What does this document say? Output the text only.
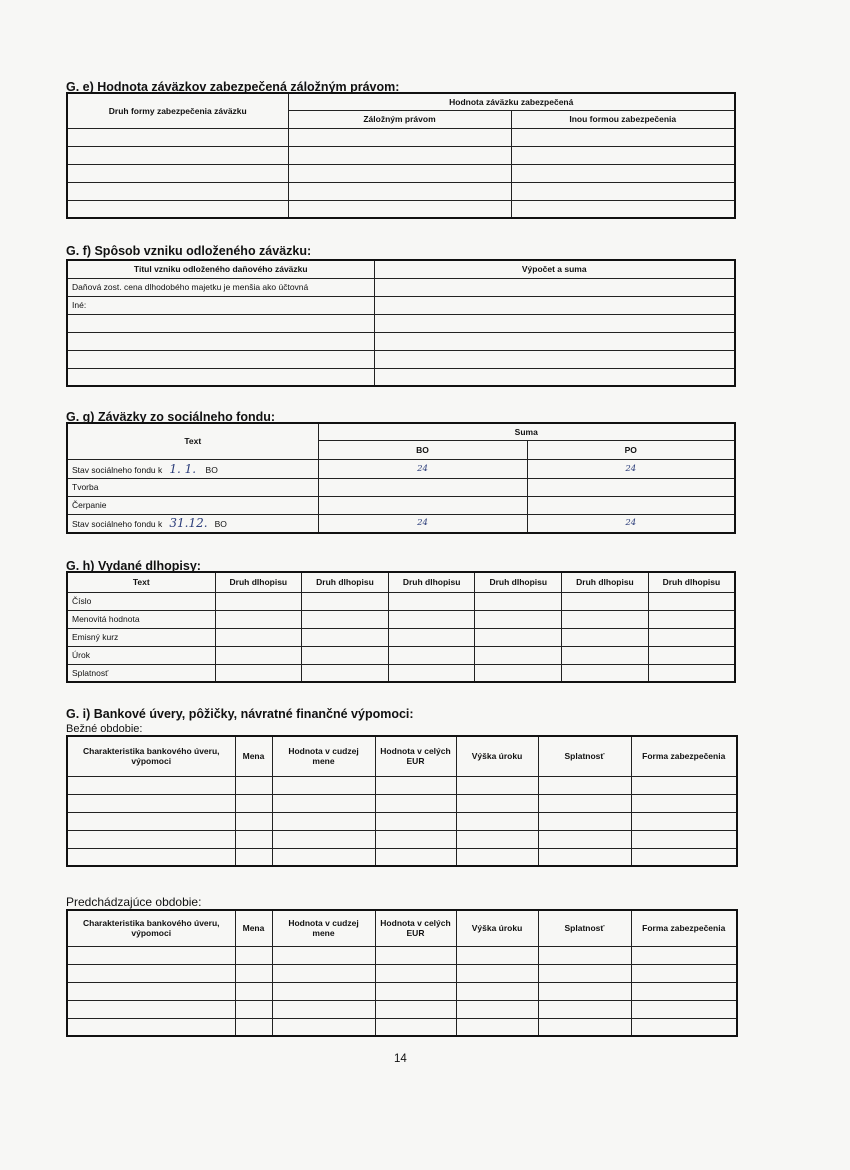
G. e) Hodnota záväzkov zabezpečená záložným právom:
Druh formy zabezpečenia záväzku	Hodnota záväzku zabezpečená	
	Záložným právom	Inou formou zabezpečenia

G. f) Spôsob vzniku odloženého záväzku:
Titul vzniku odloženého daňového záväzku	Výpočet a suma
Daňová zost. cena dlhodobého majetku je menšia ako účtovná	
Iné:	

G. g) Záväzky zo sociálneho fondu:
Text	Suma	
	BO	PO
Stav sociálneho fondu k 1. 1. BO	24	24
Tvorba		
Čerpanie		
Stav sociálneho fondu k 31.12. BO	24	24
G. h) Vydané dlhopisy:
Text	Druh dlhopisu	Druh dlhopisu	Druh dlhopisu	Druh dlhopisu	Druh dlhopisu	Druh dlhopisu
Číslo						
Menovitá hodnota						
Emisný kurz						
Úrok						
Splatnosť						
G. i) Bankové úvery, pôžičky, návratné finančné výpomoci:
Bežné obdobie:
Charakteristika bankového úveru, výpomoci	Mena	Hodnota v cudzej mene	Hodnota v celých EUR	Výška úroku	Splatnosť	Forma zabezpečenia

Predchádzajúce obdobie:
Charakteristika bankového úveru, výpomoci	Mena	Hodnota v cudzej mene	Hodnota v celých EUR	Výška úroku	Splatnosť	Forma zabezpečenia

14
